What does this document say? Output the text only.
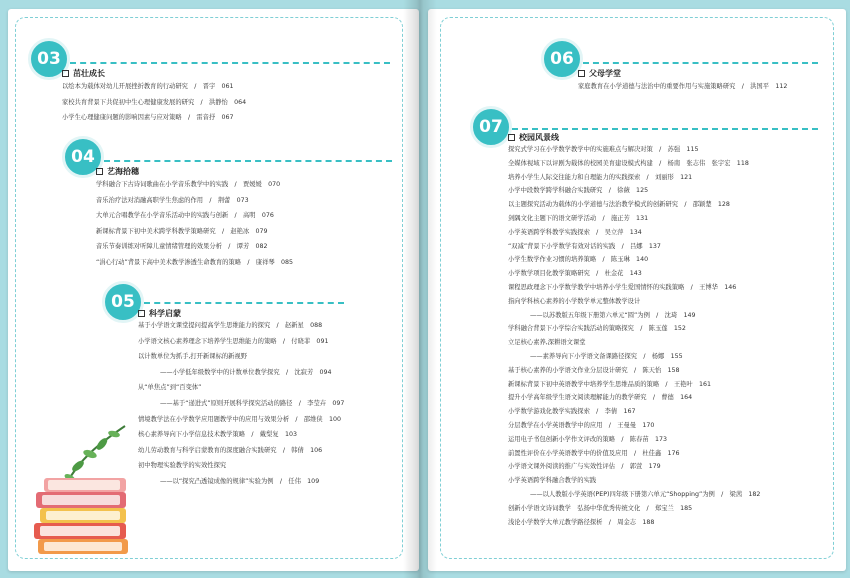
03
茁壮成长
以绘本为载体对幼儿开展挫折教育的行动研究　/　晋宇　061
家校共育背景下共促初中生心理健康发展的研究　/　洪静怡　064
小学生心理健康问题的影响因素与应对策略　/　雷音抒　067
04
艺海拾穗
学科融合下古诗词歌曲在小学音乐教学中的实践　/　贾媛媛　070
音乐治疗法对消融高职学生焦虑的作用　/　荆蕾　073
大单元合唱教学在小学音乐活动中的实践与创新　/　高明　076
新课标背景下初中美术跨学科教学策略研究　/　赵艳冰　079
音乐节奏训练对听障儿童情绪管理的效果分析　/　谭芳　082
“涓心行动”背景下高中美术教学渗透生命教育的策略　/　康祥琴　085
05
科学启蒙
基于小学语文课堂提问提高学生思维能力的探究　/　赵新星　088
小学语文核心素养理念下培养学生思维能力的策略　/　付晓菲　091
以计数单位为抓手,打开新课标的新视野
——小学低年级数学中的计数单位教学探究　/　沈寂芳　094
从“单焦点”到“百变体”
——基于“递进式”原则开展科学探究活动的路径　/　李莹卉　097
情境教学法在小学数学应用题教学中的应用与效果分析　/　邵维侠　100
核心素养导向下小学信息技术教学策略　/　戴梨复　103
幼儿劳动教育与科学启蒙教育的深度融合实践研究　/　韩倩　106
初中物理实验教学的实效性探究
——以“探究凸透镜成像的规律”实验为例　/　任伟　109
06
父母学堂
家庭教育在小学道德与法治中的重要作用与实施策略研究　/　洪国平　112
07
校园风景线
探究式学习在小学数学教学中的实施难点与解决对策　/　苏强　115
全媒体视域下以评剧为载体的校园美育建设模式构建　/　杨南　张志伟　张宇宏　118
培养小学生人际交往能力和自理能力的实践探索　/　刘丽形　121
小学中段数学跨学科融合实践研究　/　徐薇　125
以主题探究活动为载体的小学道德与法治教学模式的创新研究　/　邵颖楚　128
剑隅文化主题下的语文研学活动　/　施正芳　131
小学英语跨学科教学实践探索　/　吴立萍　134
“双减”背景下小学数学有效对话的实践　/　吕娜　137
小学生数学作业习惯的培养策略　/　陈玉琳　140
小学数学项目化教学策略研究　/　杜金花　143
课程思政理念下小学数学教学中培养小学生爱国情怀的实践策略　/　王博华　146
指向学科核心素养的小学数学单元整体教学设计
——以苏教版五年级下册第六单元“圆”为例　/　沈琦　149
学科融合背景下小学综合实践活动的策略探究　/　陈玉莲　152
立足核心素养,深耕语文课堂
——素养导向下小学语文备课路径探究　/　杨娜　155
基于核心素养的小学语文作业分层设计研究　/　陈天怡　158
新课标背景下初中英语教学中培养学生思维品质的策略　/　王艳叶　161
提升小学高年级学生语文阅读理解能力的教学研究　/　曹德　164
小学数学游戏化教学实践探索　/　李倩　167
分层教学在小学英语教学中的应用　/　王曼曼　170
运用电子书包创新小学作文评改的策略　/　陈春苗　173
前置性评价在小学英语教学中的价值及应用　/　杜佳鑫　176
小学语文课外阅读的推广与实效性评估　/　郭萱　179
小学英语跨学科融合教学的实践
——以人教版小学英语(PEP)四年级下册第六单元“Shopping”为例　/　梁茜　182
创新小学语文诗词教学　弘扬中华优秀传统文化　/　郑宝兰　185
浅论小学数学大单元教学路径探析　/　周金志　188
